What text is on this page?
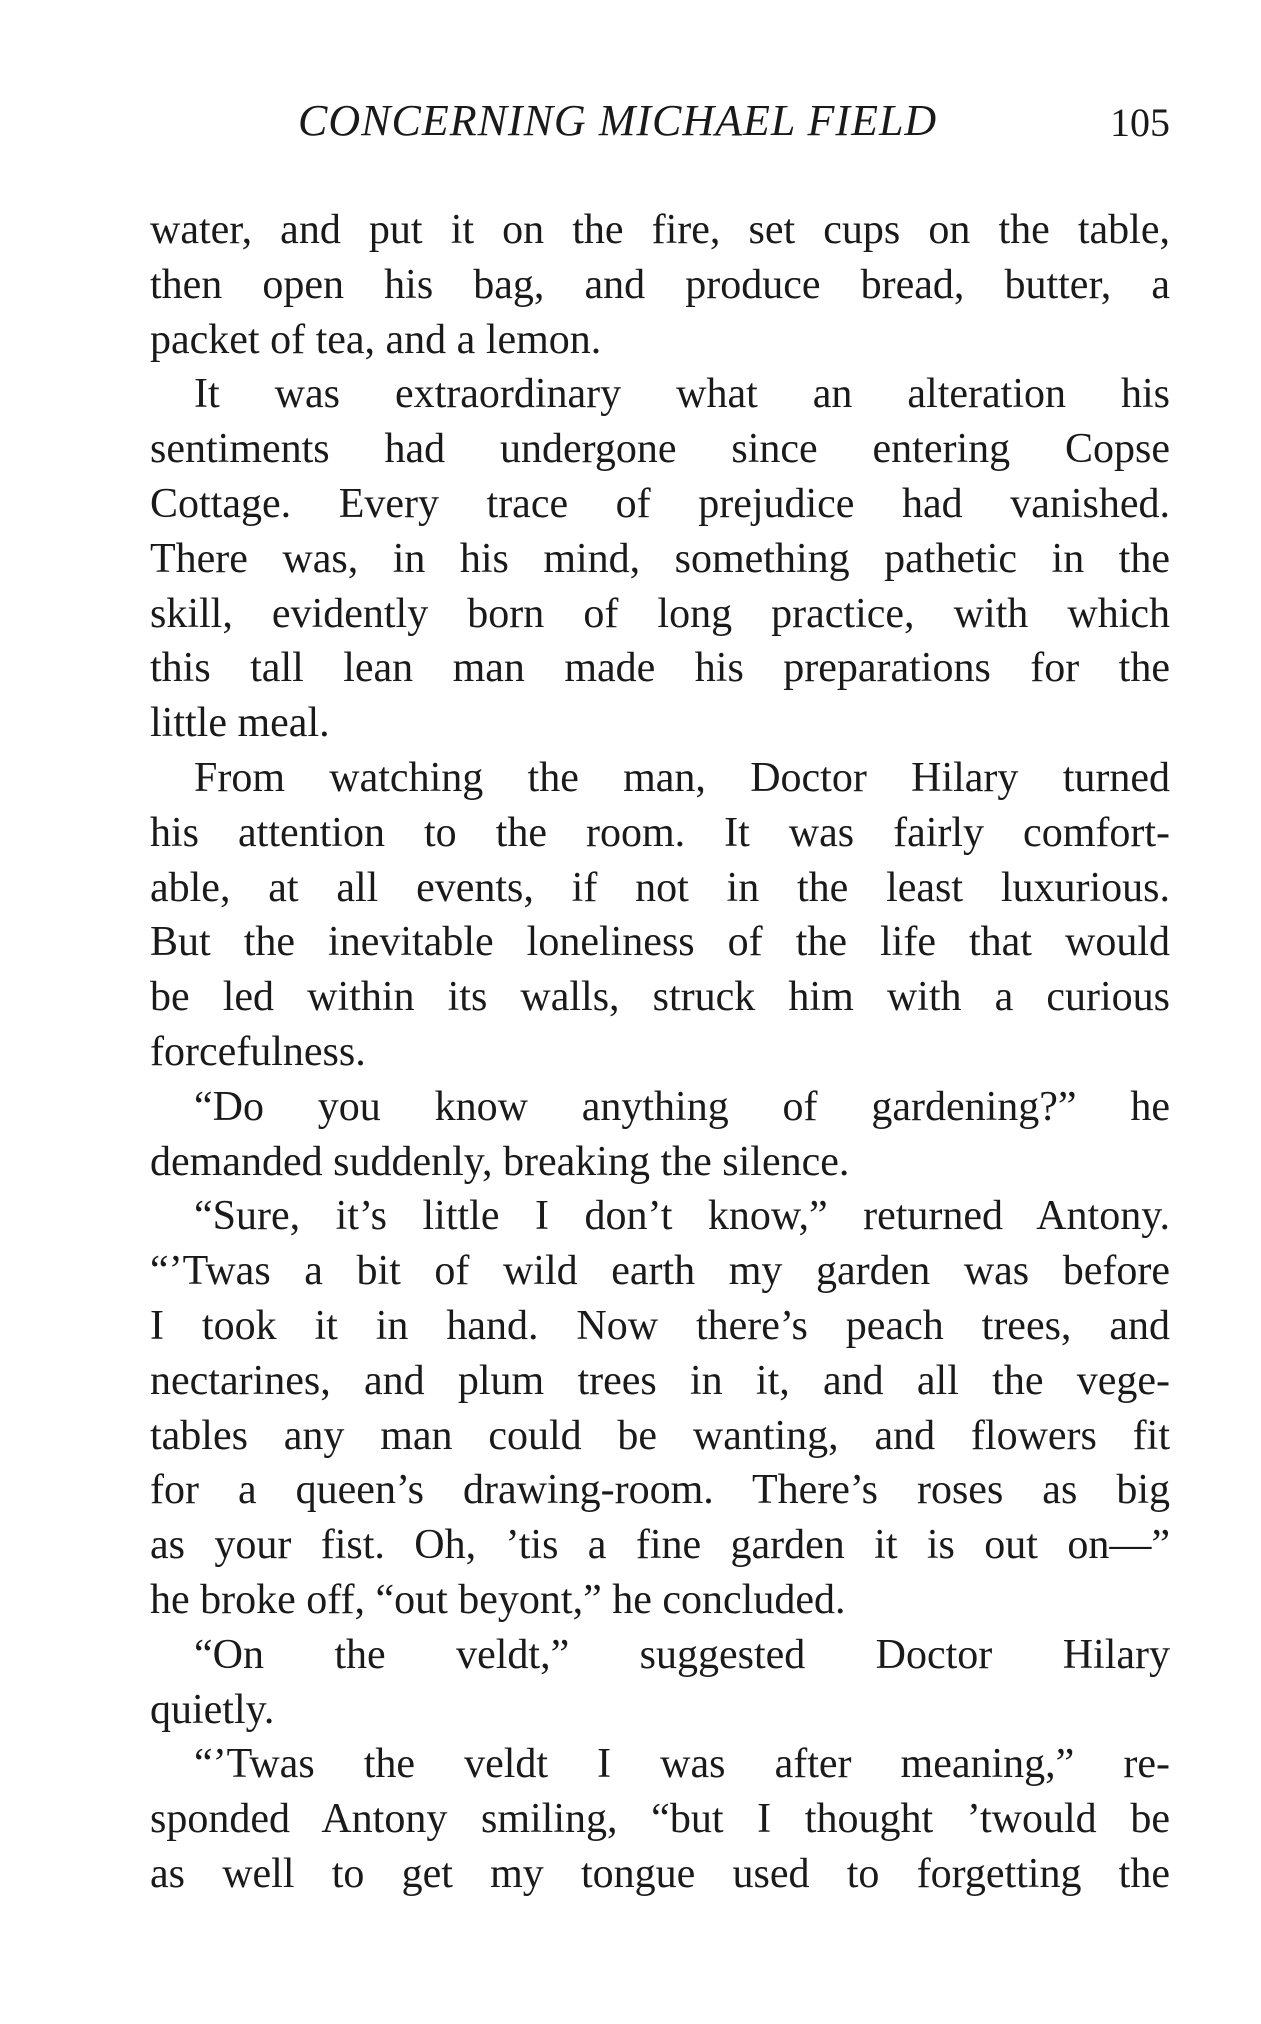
CONCERNING MICHAEL FIELD	105
water, and put it on the fire, set cups on the table,
then open his bag, and produce bread, butter, a
packet of tea, and a lemon.
It was extraordinary what an alteration his
sentiments had undergone since entering Copse
Cottage. Every trace of prejudice had vanished.
There was, in his mind, something pathetic in the
skill, evidently born of long practice, with which
this tall lean man made his preparations for the
little meal.
From watching the man, Doctor Hilary turned
his attention to the room. It was fairly comfort-
able, at all events, if not in the least luxurious.
But the inevitable loneliness of the life that would
be led within its walls, struck him with a curious
forcefulness.
“Do you know anything of gardening?” he
demanded suddenly, breaking the silence.
“Sure, it’s little I don’t know,” returned Antony.
“’Twas a bit of wild earth my garden was before
I took it in hand. Now there’s peach trees, and
nectarines, and plum trees in it, and all the vege-
tables any man could be wanting, and flowers fit
for a queen’s drawing-room. There’s roses as big
as your fist. Oh, ’tis a fine garden it is out on—”
he broke off, “out beyont,” he concluded.
“On the veldt,” suggested Doctor Hilary
quietly.
“’Twas the veldt I was after meaning,” re-
sponded Antony smiling, “but I thought ’twould be
as well to get my tongue used to forgetting the
